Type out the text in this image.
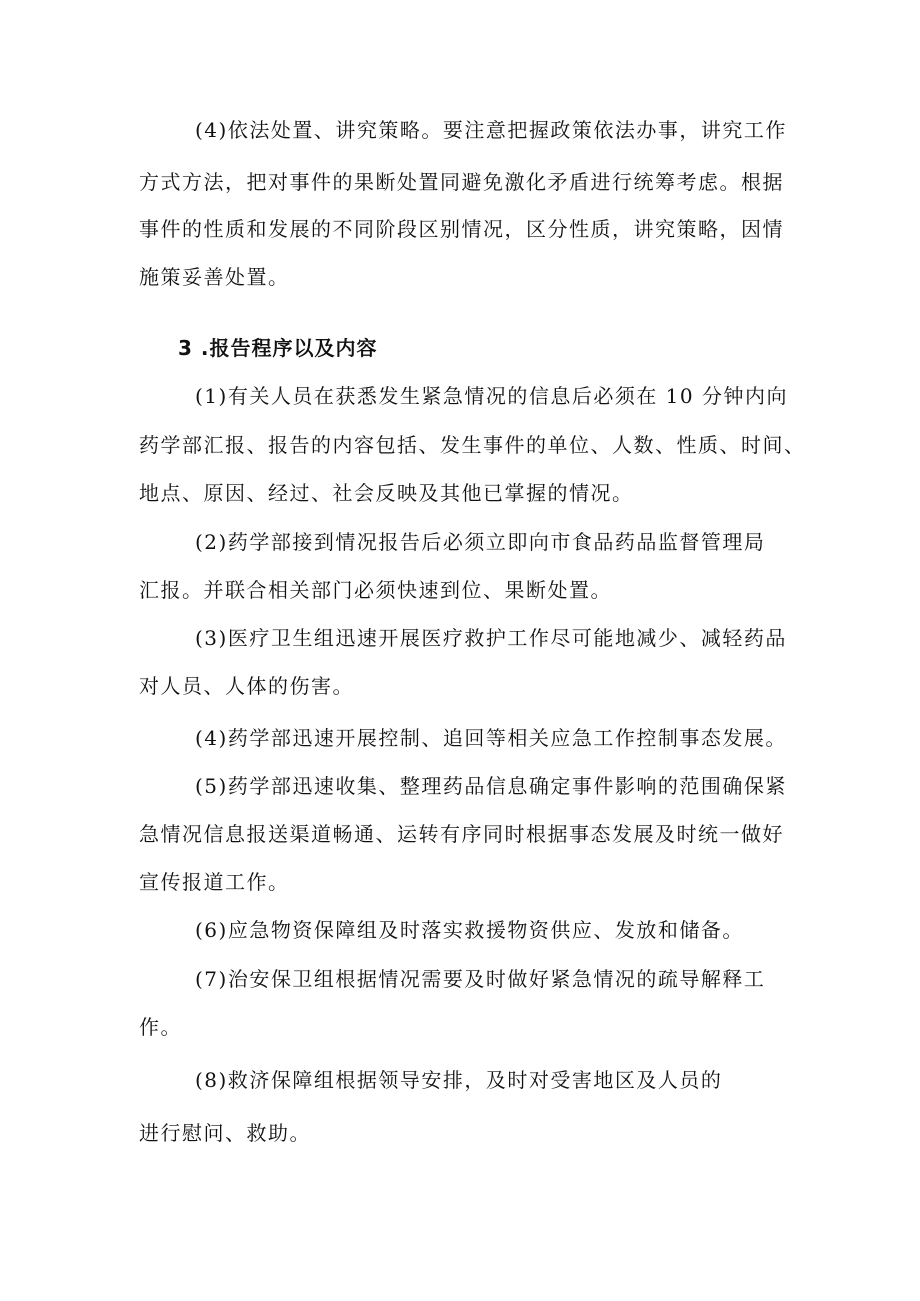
(4)依法处置、讲究策略。要注意把握政策依法办事，讲究工作
方式方法，把对事件的果断处置同避免激化矛盾进行统筹考虑。根据
事件的性质和发展的不同阶段区别情况，区分性质，讲究策略，因情
施策妥善处置。
3 .报告程序以及内容
(1)有关人员在获悉发生紧急情况的信息后必须在 10 分钟内向
药学部汇报、报告的内容包括、发生事件的单位、人数、性质、时间、
地点、原因、经过、社会反映及其他已掌握的情况。
(2)药学部接到情况报告后必须立即向市食品药品监督管理局
汇报。并联合相关部门必须快速到位、果断处置。
(3)医疗卫生组迅速开展医疗救护工作尽可能地减少、减轻药品
对人员、人体的伤害。
(4)药学部迅速开展控制、追回等相关应急工作控制事态发展。
(5)药学部迅速收集、整理药品信息确定事件影响的范围确保紧
急情况信息报送渠道畅通、运转有序同时根据事态发展及时统一做好
宣传报道工作。
(6)应急物资保障组及时落实救援物资供应、发放和储备。
(7)治安保卫组根据情况需要及时做好紧急情况的疏导解释工
作。
(8)救济保障组根据领导安排，及时对受害地区及人员的
进行慰问、救助。
